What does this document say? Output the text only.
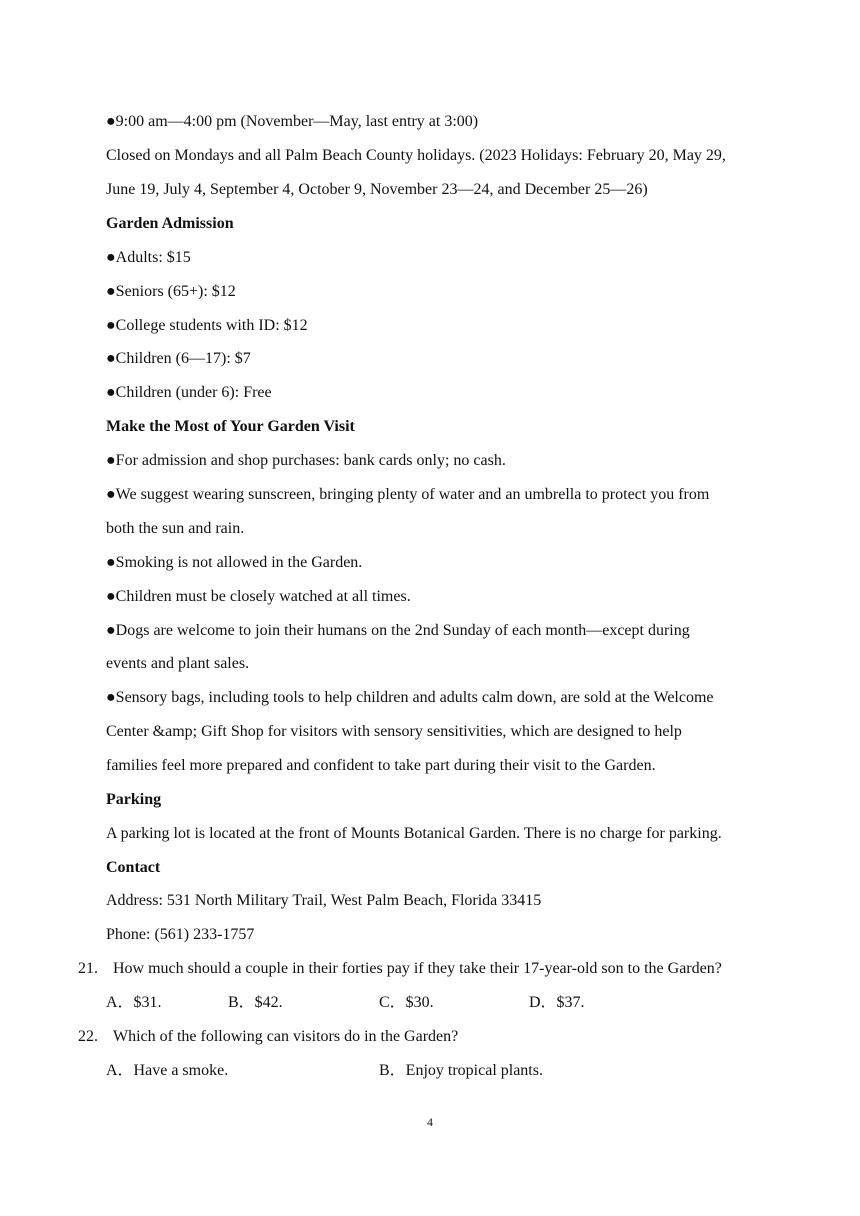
●9:00 am—4:00 pm (November—May, last entry at 3:00)
Closed on Mondays and all Palm Beach County holidays. (2023 Holidays: February 20, May 29,
June 19, July 4, September 4, October 9, November 23—24, and December 25—26)
Garden Admission
●Adults: $15
●Seniors (65+): $12
●College students with ID: $12
●Children (6—17): $7
●Children (under 6): Free
Make the Most of Your Garden Visit
●For admission and shop purchases: bank cards only; no cash.
●We suggest wearing sunscreen, bringing plenty of water and an umbrella to protect you from
both the sun and rain.
●Smoking is not allowed in the Garden.
●Children must be closely watched at all times.
●Dogs are welcome to join their humans on the 2nd Sunday of each month—except during
events and plant sales.
●Sensory bags, including tools to help children and adults calm down, are sold at the Welcome
Center &amp; Gift Shop for visitors with sensory sensitivities, which are designed to help
families feel more prepared and confident to take part during their visit to the Garden.
Parking
A parking lot is located at the front of Mounts Botanical Garden. There is no charge for parking.
Contact
Address: 531 North Military Trail, West Palm Beach, Florida 33415
Phone: (561) 233-1757
21. How much should a couple in their forties pay if they take their 17-year-old son to the Garden?
A．$31.	B．$42.	C．$30.	D．$37.
22. Which of the following can visitors do in the Garden?
A．Have a smoke.	B．Enjoy tropical plants.
4
